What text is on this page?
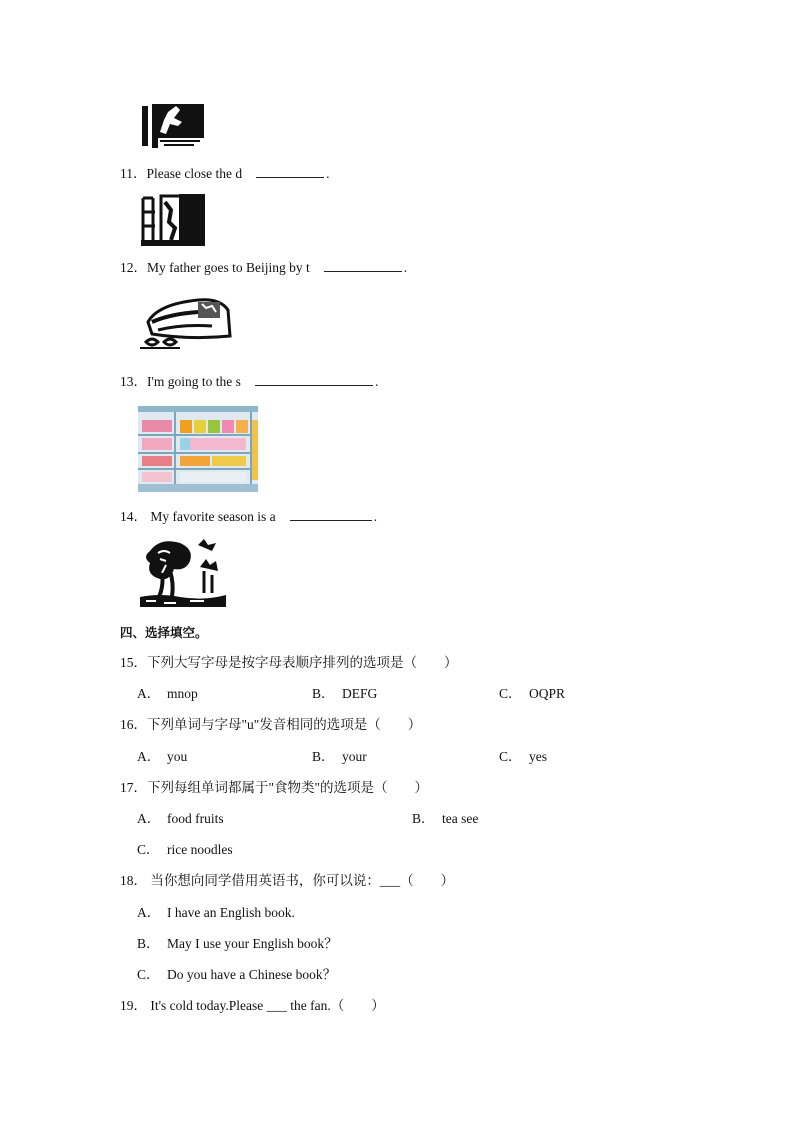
11．Please close the d	.
12．My father goes to Beijing by t	.
13．I'm going to the s	.
14． My favorite season is a	.
四、选择填空。
15．下列大写字母是按字母表顺序排列的选项是（　　）
A． mnop	B． DEFG	C． OQPR
16．下列单词与字母"u"发音相同的选项是（　　）
A． you	B． your	C． yes
17．下列每组单词都属于"食物类"的选项是（　　）
A． food fruits	B． tea see
C． rice noodles
18． 当你想向同学借用英语书，你可以说：___（　　）
A． I have an English book.
B． May I use your English book？
C． Do you have a Chinese book？
19． It's cold today.Please ___ the fan.（　　）
